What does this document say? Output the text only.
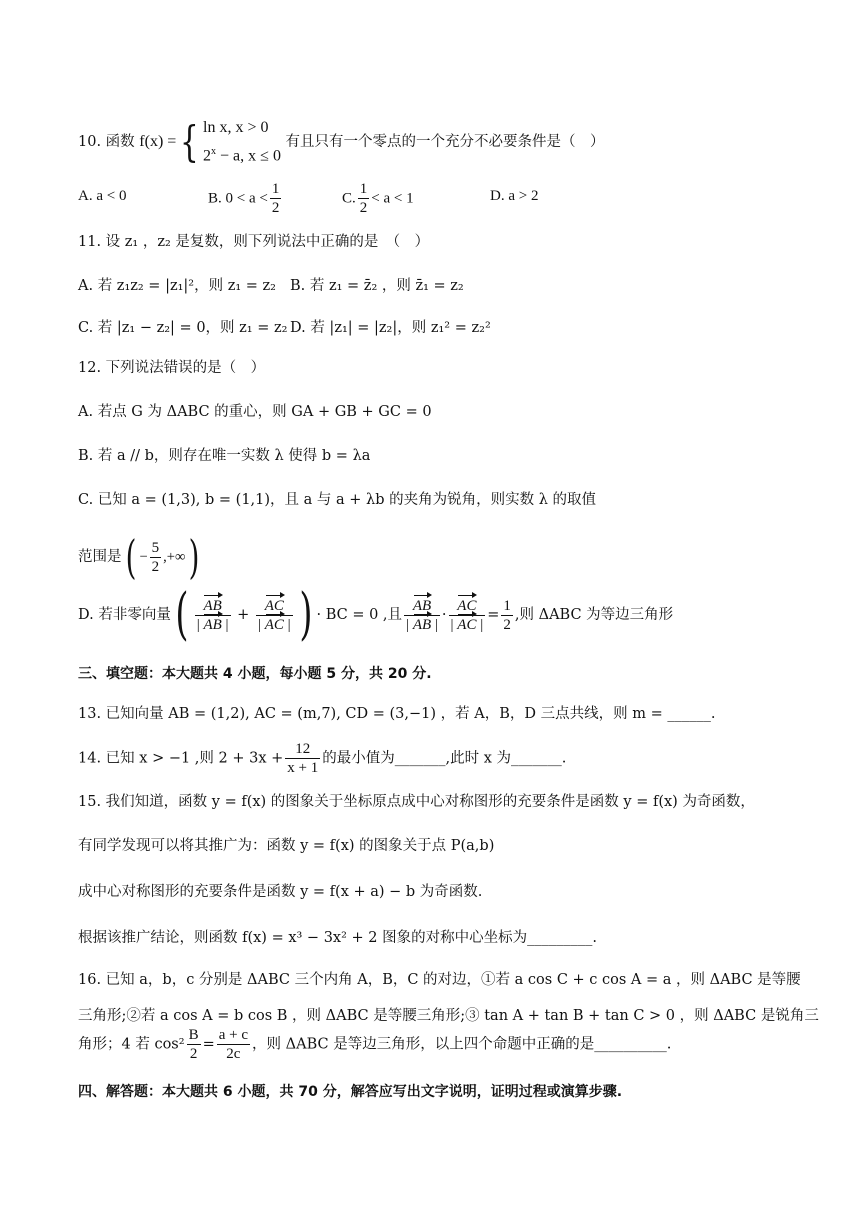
10. 函数 f(x) ={ ln x, x > 0
$2^x - a$, x ≤ 0
有且只有一个零点的一个充分不必要条件是（　）
A. a < 0	B. $0 < a < \frac{1}{2}$	C. $\frac{1}{2} < a < 1$	D. a > 2
11. 设 z₁ ，z₂ 是复数，则下列说法中正确的是　（　）
A. 若 z₁z₂ = |z₁|²，则 z₁ = z₂ B. 若 z₁ = z̄₂ ，则 z̄₁ = z₂
C. 若 |z₁ − z₂| = 0，则 z₁ = z₂ D. 若 |z₁| = |z₂|，则 z₁² = z₂²
12. 下列说法错误的是（　）
A. 若点 G 为 ΔABC 的重心，则 GA + GB + GC = 0
B. 若 a // b，则存在唯一实数 λ 使得 b = λa
C. 已知 a = (1,3), b = (1,1)，且 a 与 a + λb 的夹角为锐角，则实数 λ 的取值
范围是( − $\frac{5}{2}$ ,+∞)
D. 若非零向量( $\frac{AB}{| AB |} + \frac{AC}{| AC |}$ ) · BC = 0 ,且 $\frac{AB}{| AB |} \cdot \frac{AC}{| AC |} = \frac{1}{2}$ ,则 ΔABC 为等边三角形
三、填空题：本大题共 4 小题，每小题 5 分，共 20 分.
13. 已知向量 AB = (1,2), AC = (m,7), CD = (3,−1) ，若 A，B，D 三点共线，则 m = ______.
14. 已知 x > −1 ,则 $2 + 3x + \frac{12}{x + 1}$ 的最小值为_______,此时 x 为_______.
15. 我们知道，函数 y = f(x) 的图象关于坐标原点成中心对称图形的充要条件是函数 y = f(x) 为奇函数，
有同学发现可以将其推广为：函数 y = f(x) 的图象关于点 P(a,b)
成中心对称图形的充要条件是函数 y = f(x + a) − b 为奇函数.
根据该推广结论，则函数 f(x) = x³ − 3x² + 2 图象的对称中心坐标为_________.
16. 已知 a，b，c 分别是 ΔABC 三个内角 A，B，C 的对边，①若 a cos C + c cos A = a ，则 ΔABC 是等腰
三角形;②若 a cos A = b cos B ，则 ΔABC 是等腰三角形;③ tan A + tan B + tan C > 0 ，则 ΔABC 是锐角三
角形；4 若 $\cos^2 \frac{B}{2} = \frac{a + c}{2c}$ ，则 ΔABC 是等边三角形，以上四个命题中正确的是__________.
四、解答题：本大题共 6 小题，共 70 分，解答应写出文字说明，证明过程或演算步骤.
